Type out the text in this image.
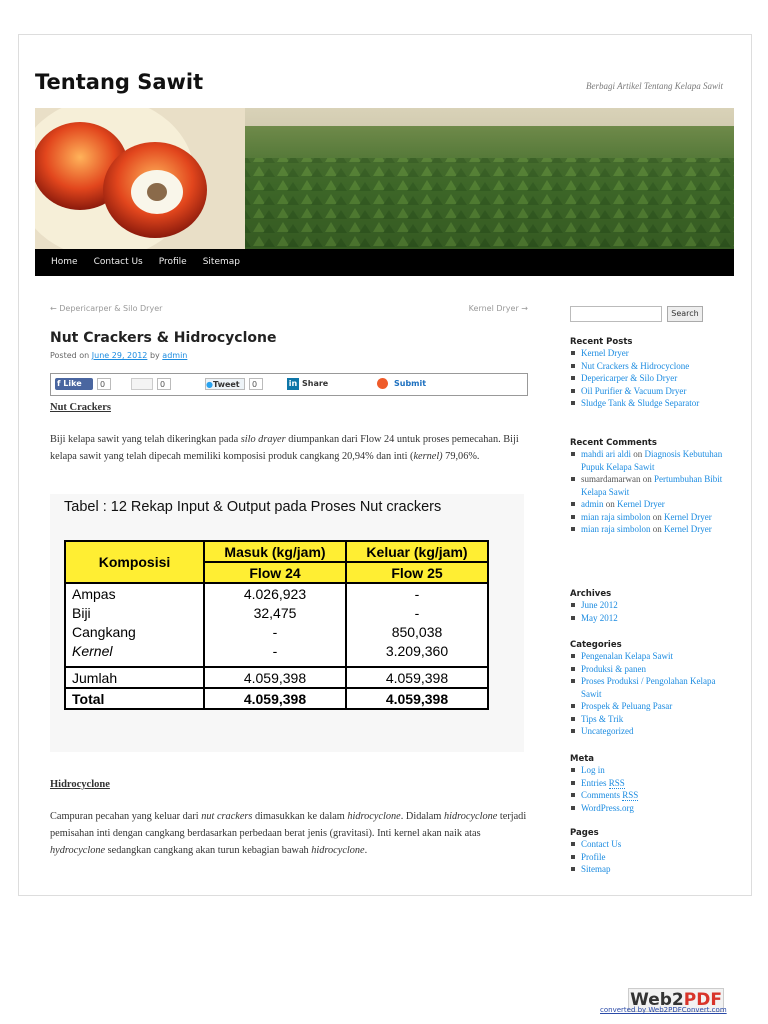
Tentang Sawit	Berbagi Artikel Tentang Kelapa Sawit
Home	Contact Us	Profile	Sitemap
← Depericarper & Silo Dryer	Kernel Dryer →
Nut Crackers & Hidrocyclone
Posted on June 29, 2012 by admin
f Like	0	0	●Tweet	0	in Share	Submit
Nut Crackers
Biji kelapa sawit yang telah dikeringkan pada silo drayer diumpankan dari Flow 24 untuk proses pemecahan. Biji kelapa sawit yang telah dipecah memiliki komposisi produk cangkang 20,94% dan inti (kernel) 79,06%.
Tabel : 12 Rekap Input & Output pada Proses Nut crackers
Komposisi	Masuk (kg/jam)	Keluar (kg/jam)
	Flow 24	Flow 25
Ampas	4.026,923	-
Biji	32,475	-
Cangkang	-	850,038
Kernel	-	3.209,360
Jumlah	4.059,398	4.059,398
Total	4.059,398	4.059,398
Hidrocyclone
Campuran pecahan yang keluar dari nut crackers dimasukkan ke dalam hidrocyclone. Didalam hidrocyclone terjadi pemisahan inti dengan cangkang berdasarkan perbedaan berat jenis (gravitasi). Inti kernel akan naik atas hydrocyclone sedangkan cangkang akan turun kebagian bawah hidrocyclone.
Search
Recent Posts
Kernel Dryer
Nut Crackers & Hidrocyclone
Depericarper & Silo Dryer
Oil Purifier & Vacuum Dryer
Sludge Tank & Sludge Separator
Recent Comments
mahdi ari aldi on Diagnosis Kebutuhan Pupuk Kelapa Sawit
sumardamarwan on Pertumbuhan Bibit Kelapa Sawit
admin on Kernel Dryer
mian raja simbolon on Kernel Dryer
mian raja simbolon on Kernel Dryer
Archives
June 2012
May 2012
Categories
Pengenalan Kelapa Sawit
Produksi & panen
Proses Produksi / Pengolahan Kelapa Sawit
Prospek & Peluang Pasar
Tips & Trik
Uncategorized
Meta
Log in
Entries RSS
Comments RSS
WordPress.org
Pages
Contact Us
Profile
Sitemap
Web2PDF
converted by Web2PDFConvert.com
